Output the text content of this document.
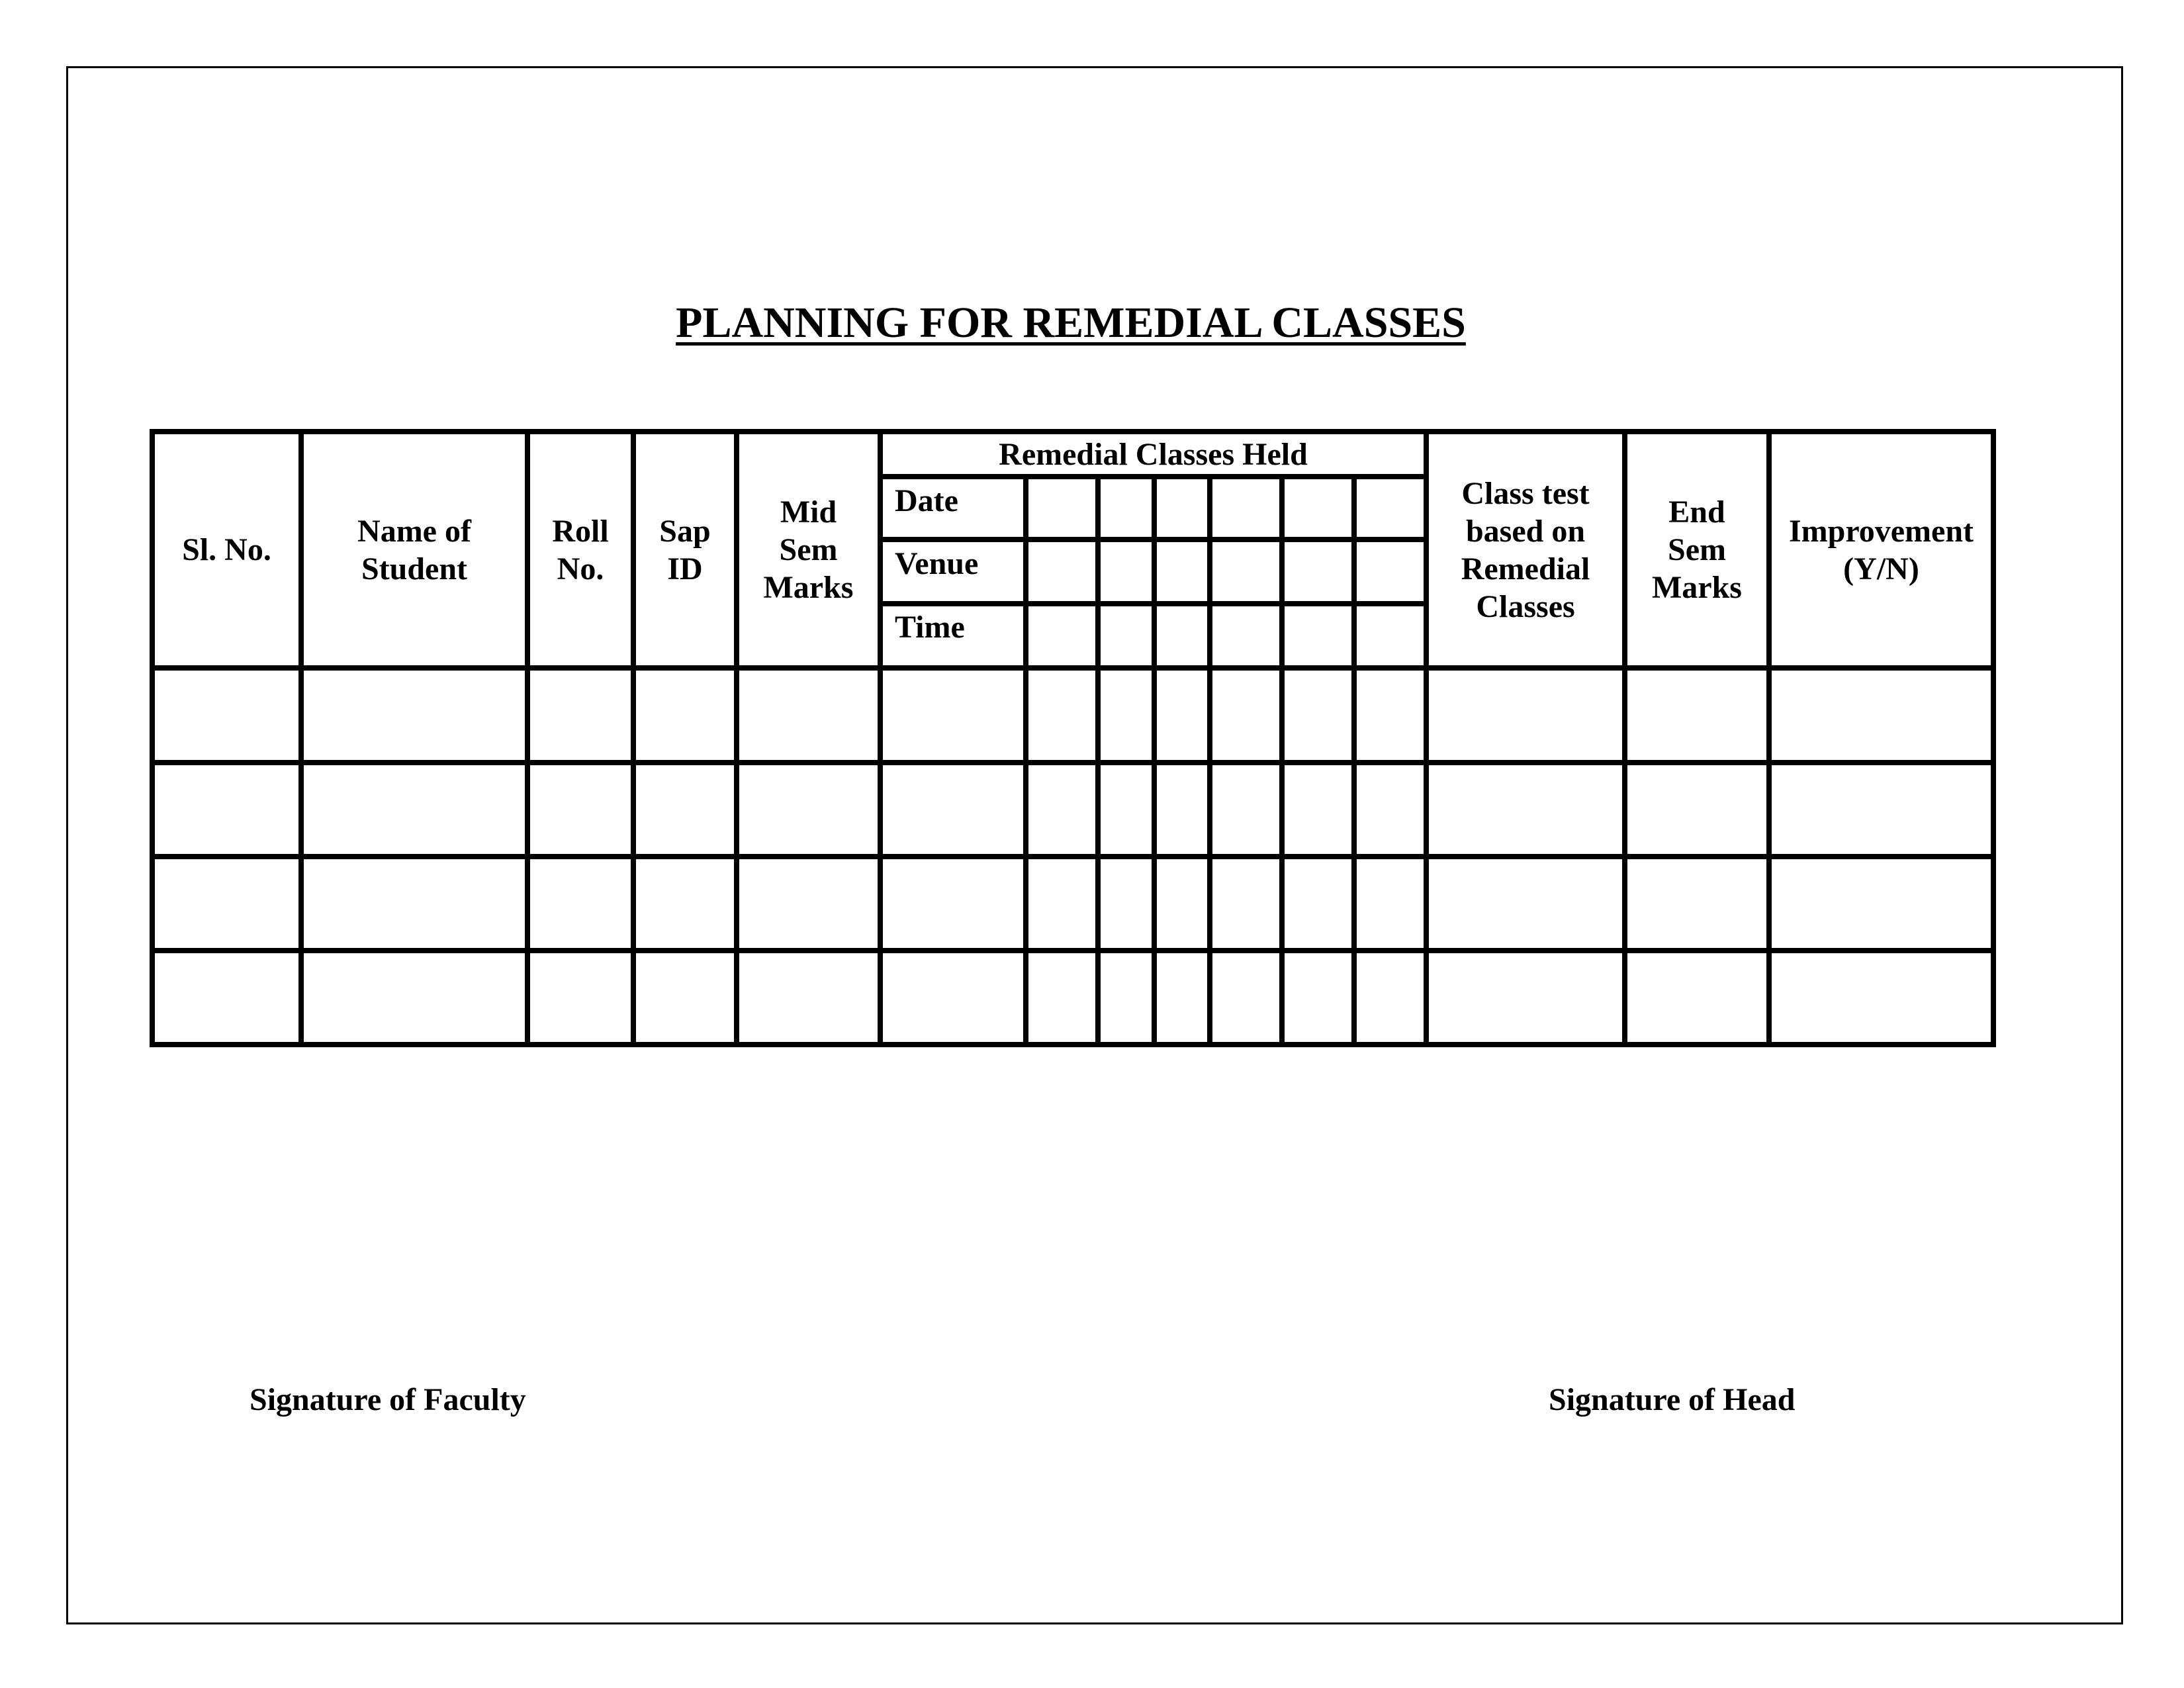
PLANNING FOR REMEDIAL CLASSES
Sl. No.
Name of
Student
Roll
No.
Sap
ID
Mid
Sem
Marks
Remedial Classes Held
Date
Venue
Time
Class test
based on
Remedial
Classes
End
Sem
Marks
Improvement
(Y/N)
Signature of Faculty	Signature of Head
